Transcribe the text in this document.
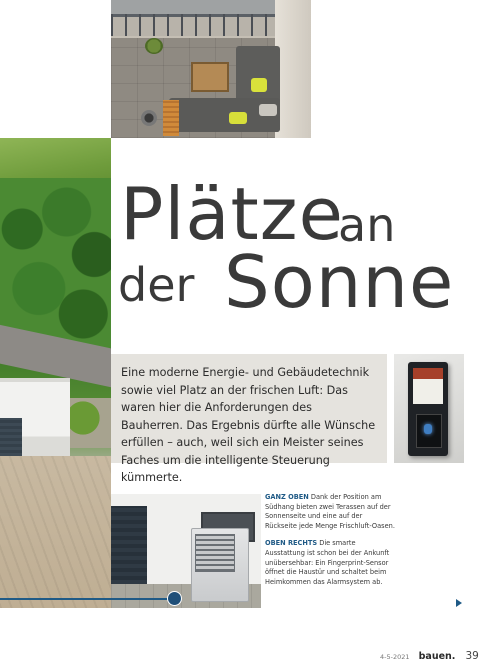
Plätze
an
der Sonne

Eine moderne Energie- und Gebäudetechnik sowie viel Platz an der frischen Luft: Das waren hier die Anforderungen des Bauherren. Das Ergebnis dürfte alle Wünsche erfüllen – auch, weil sich ein Meister seines Faches um die intelligente Steuerung kümmerte.

GANZ OBEN Dank der Position am Südhang bieten zwei Terassen auf der Sonnenseite und eine auf der Rückseite jede Menge Frischluft-Oasen.

OBEN RECHTS Die smarte Ausstattung ist schon bei der Ankunft unübersehbar: Ein Fingerprint-Sensor öffnet die Haustür und schaltet beim Heimkommen das Alarmsystem ab.

4-5-2021 bauen. 39
